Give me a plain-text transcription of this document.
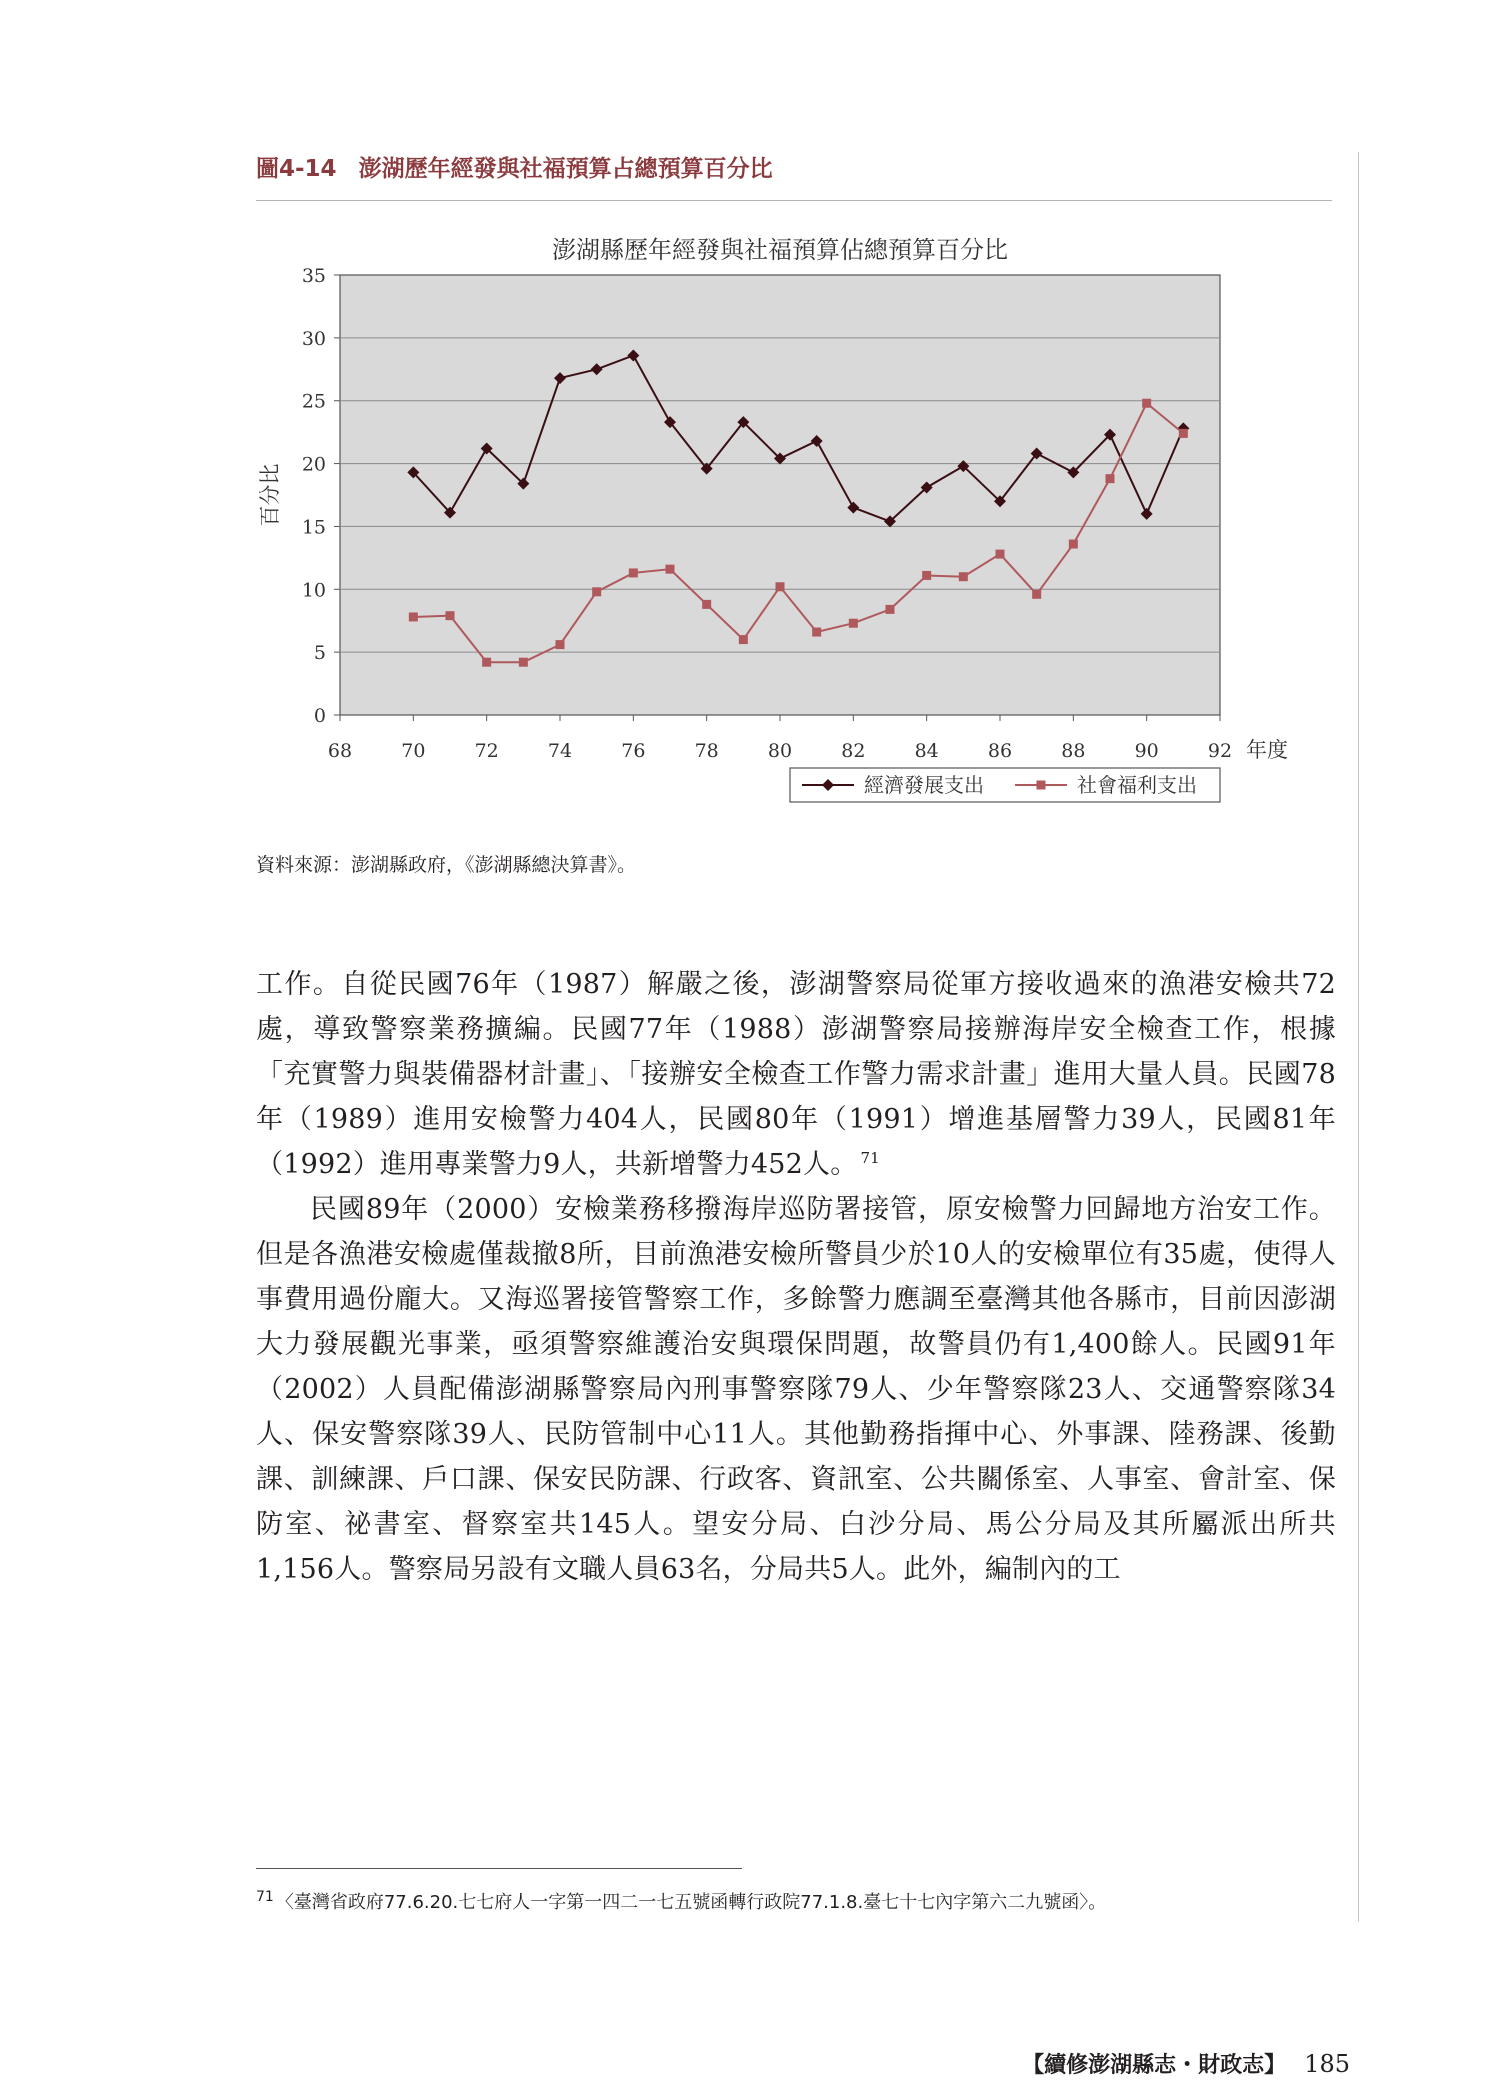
圖4-14 澎湖歷年經發與社福預算占總預算百分比
0
5
10
15
20
25
30
35
68	70	72	74	76	78	80	82	84	86	88	90	92
澎湖縣歷年經發與社福預算佔總預算百分比
年度
百分比
經濟發展支出	社會福利支出
資料來源：澎湖縣政府，《澎湖縣總決算書》。

工作。自從民國76年（1987）解嚴之後，澎湖警察局從軍方接收過來的漁港安檢共72處，導致警察業務擴編。民國77年（1988）澎湖警察局接辦海岸安全檢查工作，根據「充實警力與裝備器材計畫」、「接辦安全檢查工作警力需求計畫」進用大量人員。民國78年（1989）進用安檢警力404人，民國80年（1991）增進基層警力39人，民國81年（1992）進用專業警力9人，共新增警力452人。 $^{71}$

民國89年（2000）安檢業務移撥海岸巡防署接管，原安檢警力回歸地方治安工作。但是各漁港安檢處僅裁撤8所，目前漁港安檢所警員少於10人的安檢單位有35處，使得人事費用過份龐大。又海巡署接管警察工作，多餘警力應調至臺灣其他各縣市，目前因澎湖大力發展觀光事業，亟須警察維護治安與環保問題，故警員仍有1,400餘人。民國91年（2002）人員配備澎湖縣警察局內刑事警察隊79人、少年警察隊23人、交通警察隊34人、保安警察隊39人、民防管制中心11人。其他勤務指揮中心、外事課、陸務課、後勤課、訓練課、戶口課、保安民防課、行政客、資訊室、公共關係室、人事室、會計室、保防室、祕書室、督察室共145人。望安分局、白沙分局、馬公分局及其所屬派出所共1,156人。警察局另設有文職人員63名，分局共5人。此外，編制內的工

$^{71}$ 〈臺灣省政府77.6.20.七七府人一字第一四二一七五號函轉行政院77.1.8.臺七十七內字第六二九號函〉。
【續修澎湖縣志・財政志】 185
